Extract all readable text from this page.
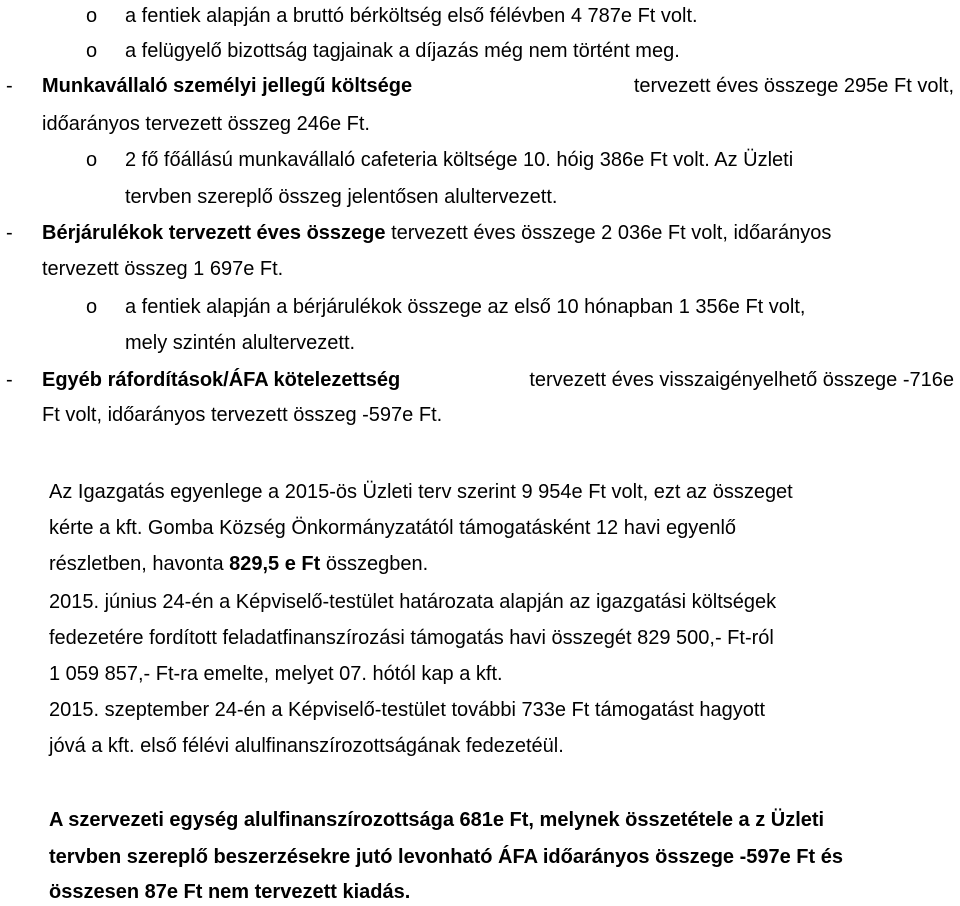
o a fentiek alapján a bruttó bérköltség első félévben 4 787e Ft volt.
o a felügyelő bizottság tagjainak a díjazás még nem történt meg.
- Munkavállaló személyi jellegű költsége	tervezett éves összege 295e Ft volt,
időarányos tervezett összeg 246e Ft.
o 2 fő főállású munkavállaló cafeteria költsége 10. hóig 386e Ft volt. Az Üzleti
tervben szereplő összeg jelentősen alultervezett.
- Bérjárulékok tervezett éves összege tervezett éves összege 2 036e Ft volt, időarányos
tervezett összeg 1 697e Ft.
o a fentiek alapján a bérjárulékok összege az első 10 hónapban 1 356e Ft volt,
mely szintén alultervezett.
- Egyéb ráfordítások/ÁFA kötelezettség	tervezett éves visszaigényelhető összege -716e
Ft volt, időarányos tervezett összeg -597e Ft.
Az Igazgatás egyenlege a 2015-ös Üzleti terv szerint 9 954e Ft volt, ezt az összeget
kérte a kft. Gomba Község Önkormányzatától támogatásként 12 havi egyenlő
részletben, havonta 829,5 e Ft összegben.
2015. június 24-én a Képviselő-testület határozata alapján az igazgatási költségek
fedezetére fordított feladatfinanszírozási támogatás havi összegét 829 500,- Ft-ról
1 059 857,- Ft-ra emelte, melyet 07. hótól kap a kft.
2015. szeptember 24-én a Képviselő-testület további 733e Ft támogatást hagyott
jóvá a kft. első félévi alulfinanszírozottságának fedezetéül.
A szervezeti egység alulfinanszírozottsága 681e Ft, melynek összetétele a z Üzleti
tervben szereplő beszerzésekre jutó levonható ÁFA időarányos összege -597e Ft és
összesen 87e Ft nem tervezett kiadás.
